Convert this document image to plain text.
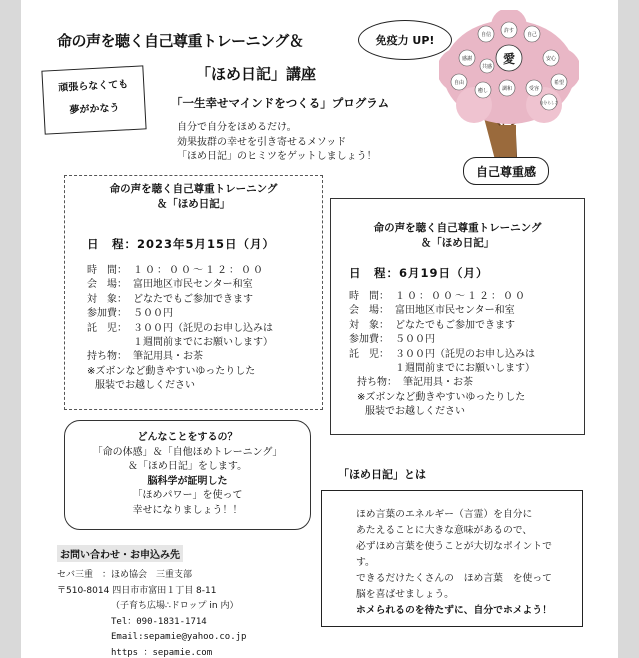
命の声を聴く自己尊重トレーニング＆
「ほめ日記」講座
免疫力 UP!
頑張らなくても
夢がかなう	「一生幸せマインドをつくる」プログラム
自分で自分をほめるだけ。
効果抜群の幸せを引き寄せるメソッド
「ほめ日記」のヒミツをゲットしましょう！
愛
自信
許す
自己
感謝	安心
自由	希望
調和
癒し	受容
共感
自分らしさ
自己尊重感
命の声を聴く自己尊重トレーニング
＆「ほめ日記」
日　程：2023年5月15日（月）
時　間： １０：００～１２：００
会　場： 富田地区市民センター和室
対　象： どなたでもご参加できます
参加費： ５００円
託　児： ３００円（託児のお申し込みは
１週間前までにお願いします）
持ち物： 筆記用具・お茶
※ズボンなど動きやすいゆったりした
服装でお越しください
命の声を聴く自己尊重トレーニング
＆「ほめ日記」
日　程：6月19日（月）
時　間： １０：００～１２：００
会　場： 富田地区市民センター和室
対　象： どなたでもご参加できます
参加費： ５００円
託　児： ３００円（託児のお申し込みは
１週間前までにお願いします）
持ち物： 筆記用具・お茶
※ズボンなど動きやすいゆったりした
服装でお越しください
どんなことをするの？
「命の体感」＆「自他ほめトレーニング」
＆「ほめ日記」をします。
脳科学が証明した
「ほめパワー」を使って
幸せになりましょう！！
お問い合わせ・お申込み先
セバ三重　：ほめ協会　三重支部
〒510-8014 四日市市富田１丁目 8-11
（子育ち広場∴ドロップ in 内）
Tel：090-1831-1714
Email:sepamie@yahoo.co.jp
https ：sepamie.com
「ほめ日記」とは
ほめ言葉のエネルギー（言霊）を自分に
あたえることに大きな意味があるので、
必ずほめ言葉を使うことが大切なポイントで
す。
できるだけたくさんの　ほめ言葉　を使って
脳を喜ばせましょう。
ホメられるのを待たずに、自分でホメよう！
